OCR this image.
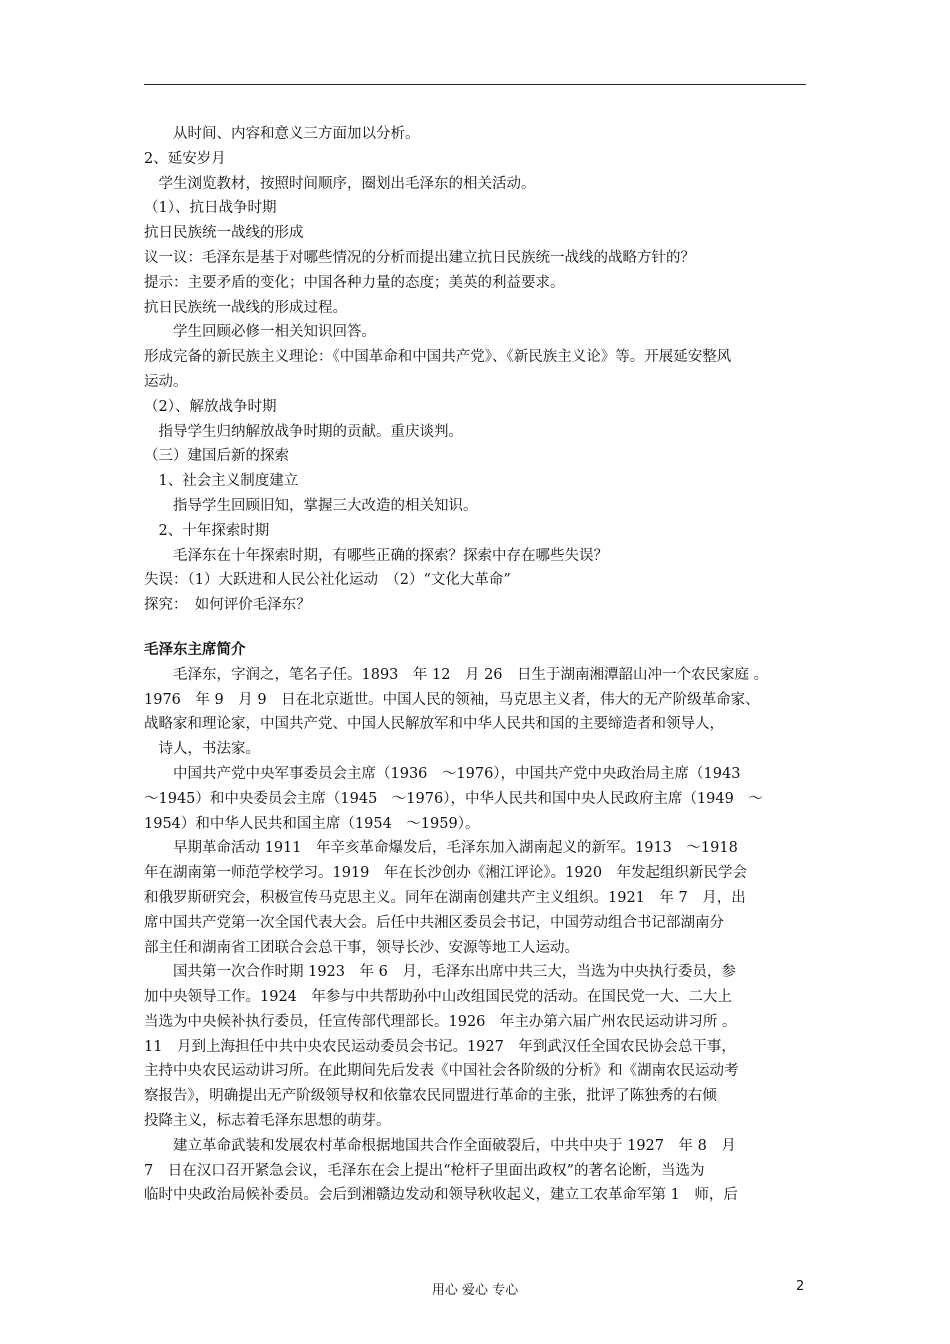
　　从时间、内容和意义三方面加以分析。
2、延安岁月
　学生浏览教材，按照时间顺序，圈划出毛泽东的相关活动。
（1）、抗日战争时期
抗日民族统一战线的形成
议一议：毛泽东是基于对哪些情况的分析而提出建立抗日民族统一战线的战略方针的？
提示：主要矛盾的变化；中国各种力量的态度；美英的利益要求。
抗日民族统一战线的形成过程。
　　学生回顾必修一相关知识回答。
形成完备的新民族主义理论：《中国革命和中国共产党》、《新民族主义论》等。开展延安整风
运动。
（2）、解放战争时期
　指导学生归纳解放战争时期的贡献。重庆谈判。
（三）建国后新的探索
　1、社会主义制度建立
　　指导学生回顾旧知，掌握三大改造的相关知识。
　2、十年探索时期
　　毛泽东在十年探索时期，有哪些正确的探索？探索中存在哪些失误？
失误：（1）大跃进和人民公社化运动　（2）“文化大革命”
探究：　如何评价毛泽东？
毛泽东主席简介
　　毛泽东，字润之，笔名子任。1893　年 12　月 26　日生于湖南湘潭韶山冲一个农民家庭 。
1976　年 9　月 9　日在北京逝世。中国人民的领袖，马克思主义者，伟大的无产阶级革命家、
战略家和理论家，中国共产党、中国人民解放军和中华人民共和国的主要缔造者和领导人，
　诗人，书法家。
　　中国共产党中央军事委员会主席（1936　～1976），中国共产党中央政治局主席（1943
～1945）和中央委员会主席（1945　～1976），中华人民共和国中央人民政府主席（1949　～
1954）和中华人民共和国主席（1954　～1959）。
　　早期革命活动 1911　年辛亥革命爆发后，毛泽东加入湖南起义的新军。1913　～1918
年在湖南第一师范学校学习。1919　年在长沙创办《湘江评论》。1920　年发起组织新民学会
和俄罗斯研究会，积极宣传马克思主义。同年在湖南创建共产主义组织。1921　年 7　月，出
席中国共产党第一次全国代表大会。后任中共湘区委员会书记，中国劳动组合书记部湖南分
部主任和湖南省工团联合会总干事，领导长沙、安源等地工人运动。
　　国共第一次合作时期 1923　年 6　月，毛泽东出席中共三大，当选为中央执行委员，参
加中央领导工作。1924　年参与中共帮助孙中山改组国民党的活动。在国民党一大、二大上
当选为中央候补执行委员，任宣传部代理部长。1926　年主办第六届广州农民运动讲习所 。
11　月到上海担任中共中央农民运动委员会书记。1927　年到武汉任全国农民协会总干事，
主持中央农民运动讲习所。在此期间先后发表《中国社会各阶级的分析》和《湖南农民运动考
察报告》，明确提出无产阶级领导权和依靠农民同盟进行革命的主张，批评了陈独秀的右倾
投降主义，标志着毛泽东思想的萌芽。
　　建立革命武装和发展农村革命根据地国共合作全面破裂后，中共中央于 1927　年 8　月
7　日在汉口召开紧急会议，毛泽东在会上提出“枪杆子里面出政权”的著名论断，当选为
临时中央政治局候补委员。会后到湘赣边发动和领导秋收起义，建立工农革命军第 1　师，后
用心 爱心 专心	2
